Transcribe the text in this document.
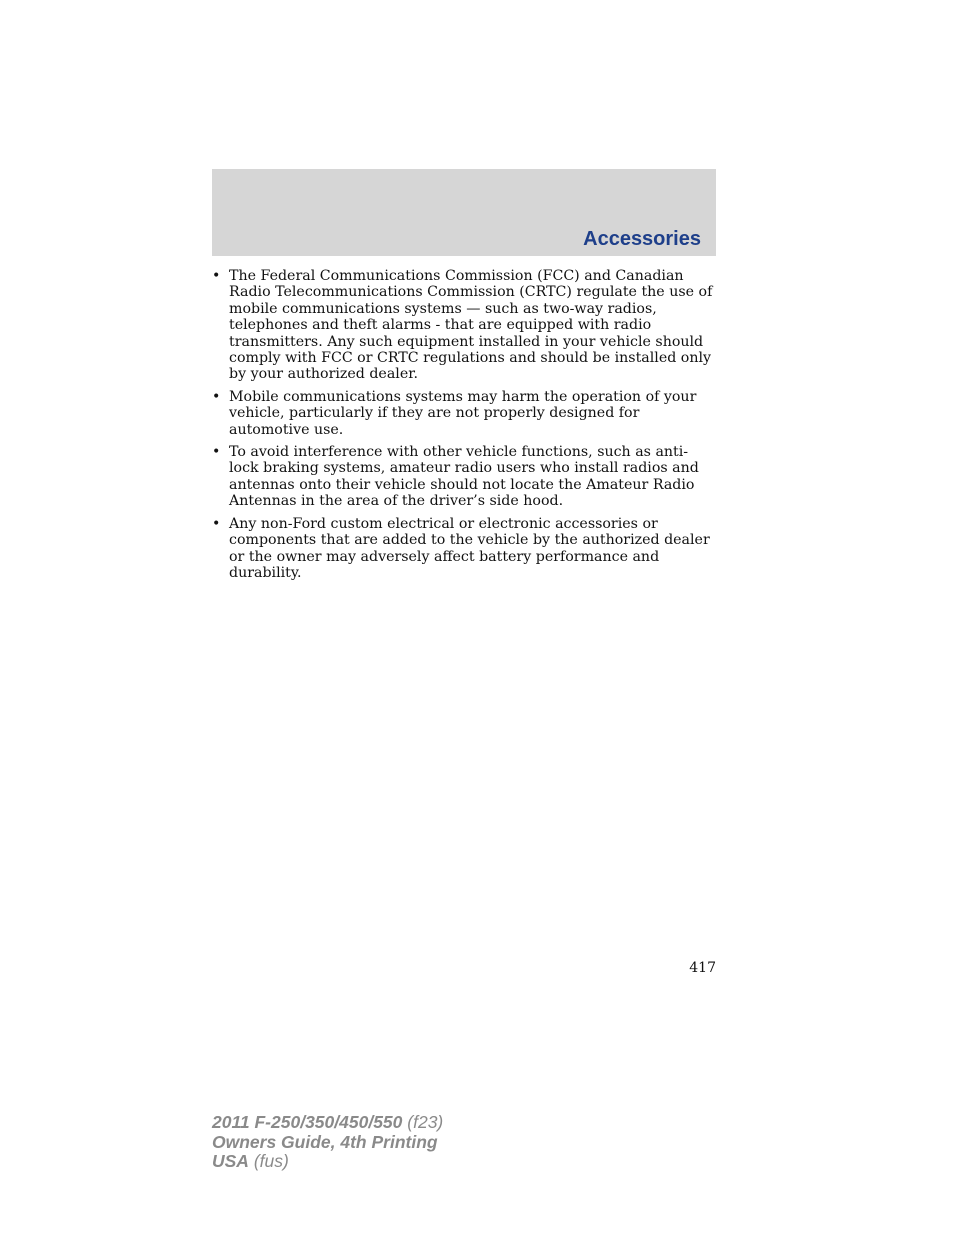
Accessories
• The Federal Communications Commission (FCC) and Canadian Radio Telecommunications Commission (CRTC) regulate the use of mobile communications systems — such as two-way radios, telephones and theft alarms - that are equipped with radio transmitters. Any such equipment installed in your vehicle should comply with FCC or CRTC regulations and should be installed only by your authorized dealer.
• Mobile communications systems may harm the operation of your vehicle, particularly if they are not properly designed for automotive use.
• To avoid interference with other vehicle functions, such as anti-lock braking systems, amateur radio users who install radios and antennas onto their vehicle should not locate the Amateur Radio Antennas in the area of the driver’s side hood.
• Any non-Ford custom electrical or electronic accessories or components that are added to the vehicle by the authorized dealer or the owner may adversely affect battery performance and durability.
417
2011 F-250/350/450/550 (f23)
Owners Guide, 4th Printing
USA (fus)
